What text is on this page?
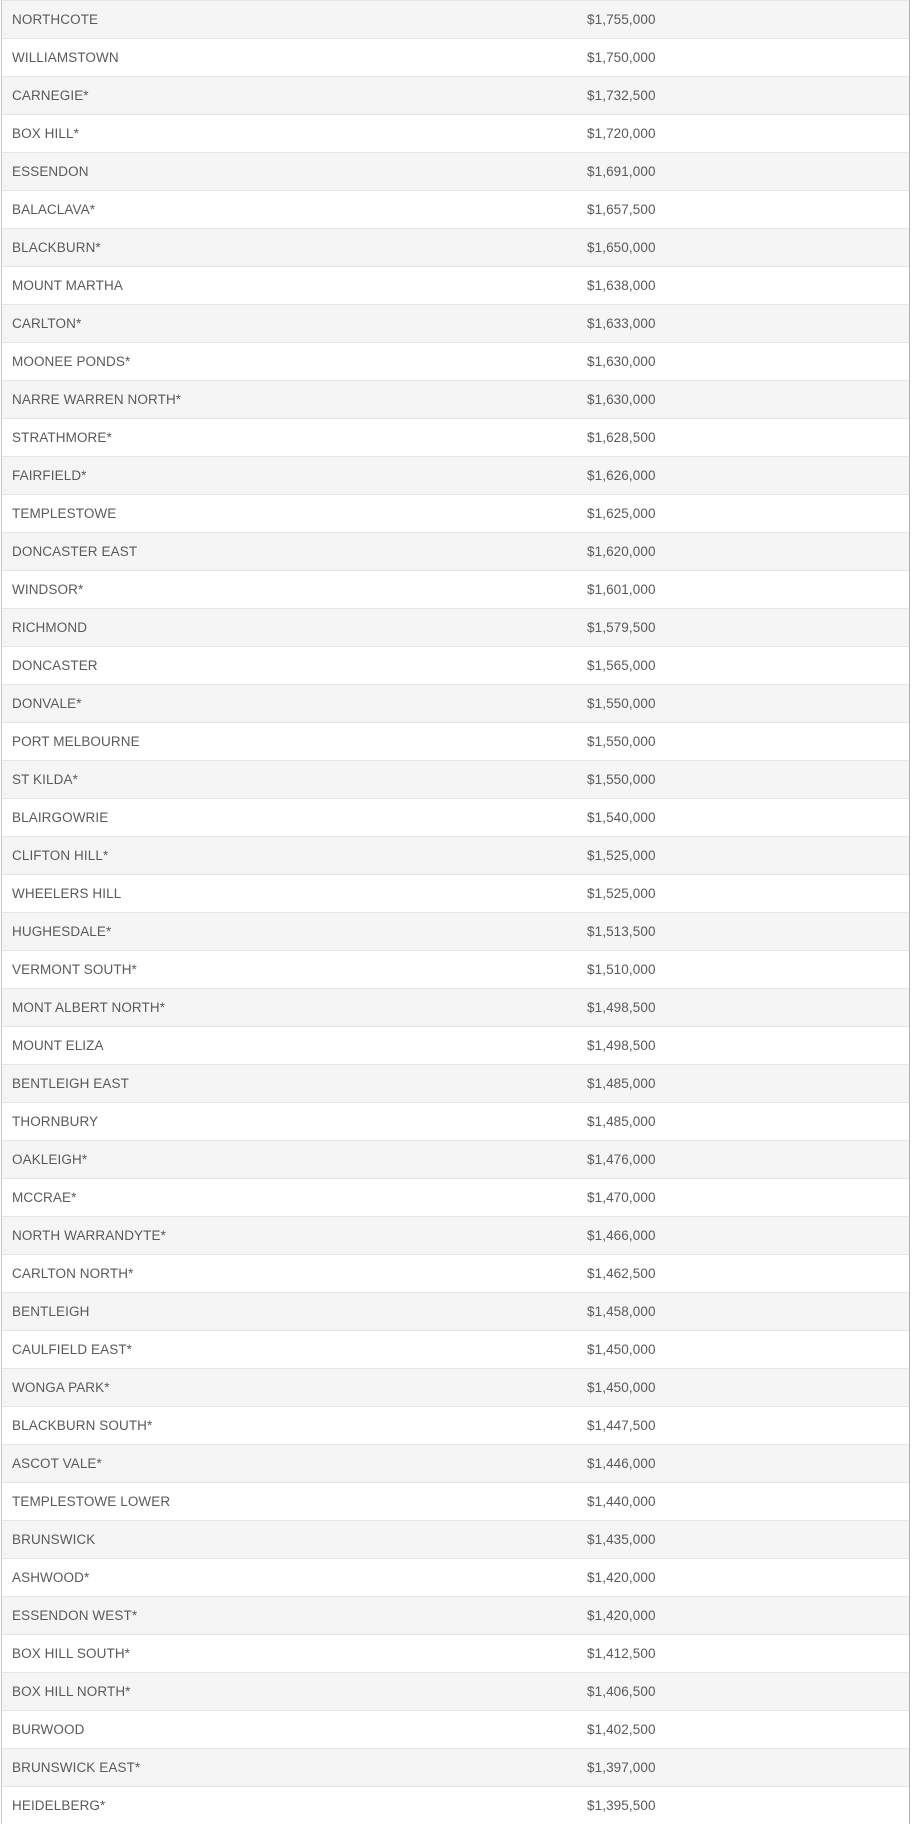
NORTHCOTE	$1,755,000
WILLIAMSTOWN	$1,750,000
CARNEGIE*	$1,732,500
BOX HILL*	$1,720,000
ESSENDON	$1,691,000
BALACLAVA*	$1,657,500
BLACKBURN*	$1,650,000
MOUNT MARTHA	$1,638,000
CARLTON*	$1,633,000
MOONEE PONDS*	$1,630,000
NARRE WARREN NORTH*	$1,630,000
STRATHMORE*	$1,628,500
FAIRFIELD*	$1,626,000
TEMPLESTOWE	$1,625,000
DONCASTER EAST	$1,620,000
WINDSOR*	$1,601,000
RICHMOND	$1,579,500
DONCASTER	$1,565,000
DONVALE*	$1,550,000
PORT MELBOURNE	$1,550,000
ST KILDA*	$1,550,000
BLAIRGOWRIE	$1,540,000
CLIFTON HILL*	$1,525,000
WHEELERS HILL	$1,525,000
HUGHESDALE*	$1,513,500
VERMONT SOUTH*	$1,510,000
MONT ALBERT NORTH*	$1,498,500
MOUNT ELIZA	$1,498,500
BENTLEIGH EAST	$1,485,000
THORNBURY	$1,485,000
OAKLEIGH*	$1,476,000
MCCRAE*	$1,470,000
NORTH WARRANDYTE*	$1,466,000
CARLTON NORTH*	$1,462,500
BENTLEIGH	$1,458,000
CAULFIELD EAST*	$1,450,000
WONGA PARK*	$1,450,000
BLACKBURN SOUTH*	$1,447,500
ASCOT VALE*	$1,446,000
TEMPLESTOWE LOWER	$1,440,000
BRUNSWICK	$1,435,000
ASHWOOD*	$1,420,000
ESSENDON WEST*	$1,420,000
BOX HILL SOUTH*	$1,412,500
BOX HILL NORTH*	$1,406,500
BURWOOD	$1,402,500
BRUNSWICK EAST*	$1,397,000
HEIDELBERG*	$1,395,500
